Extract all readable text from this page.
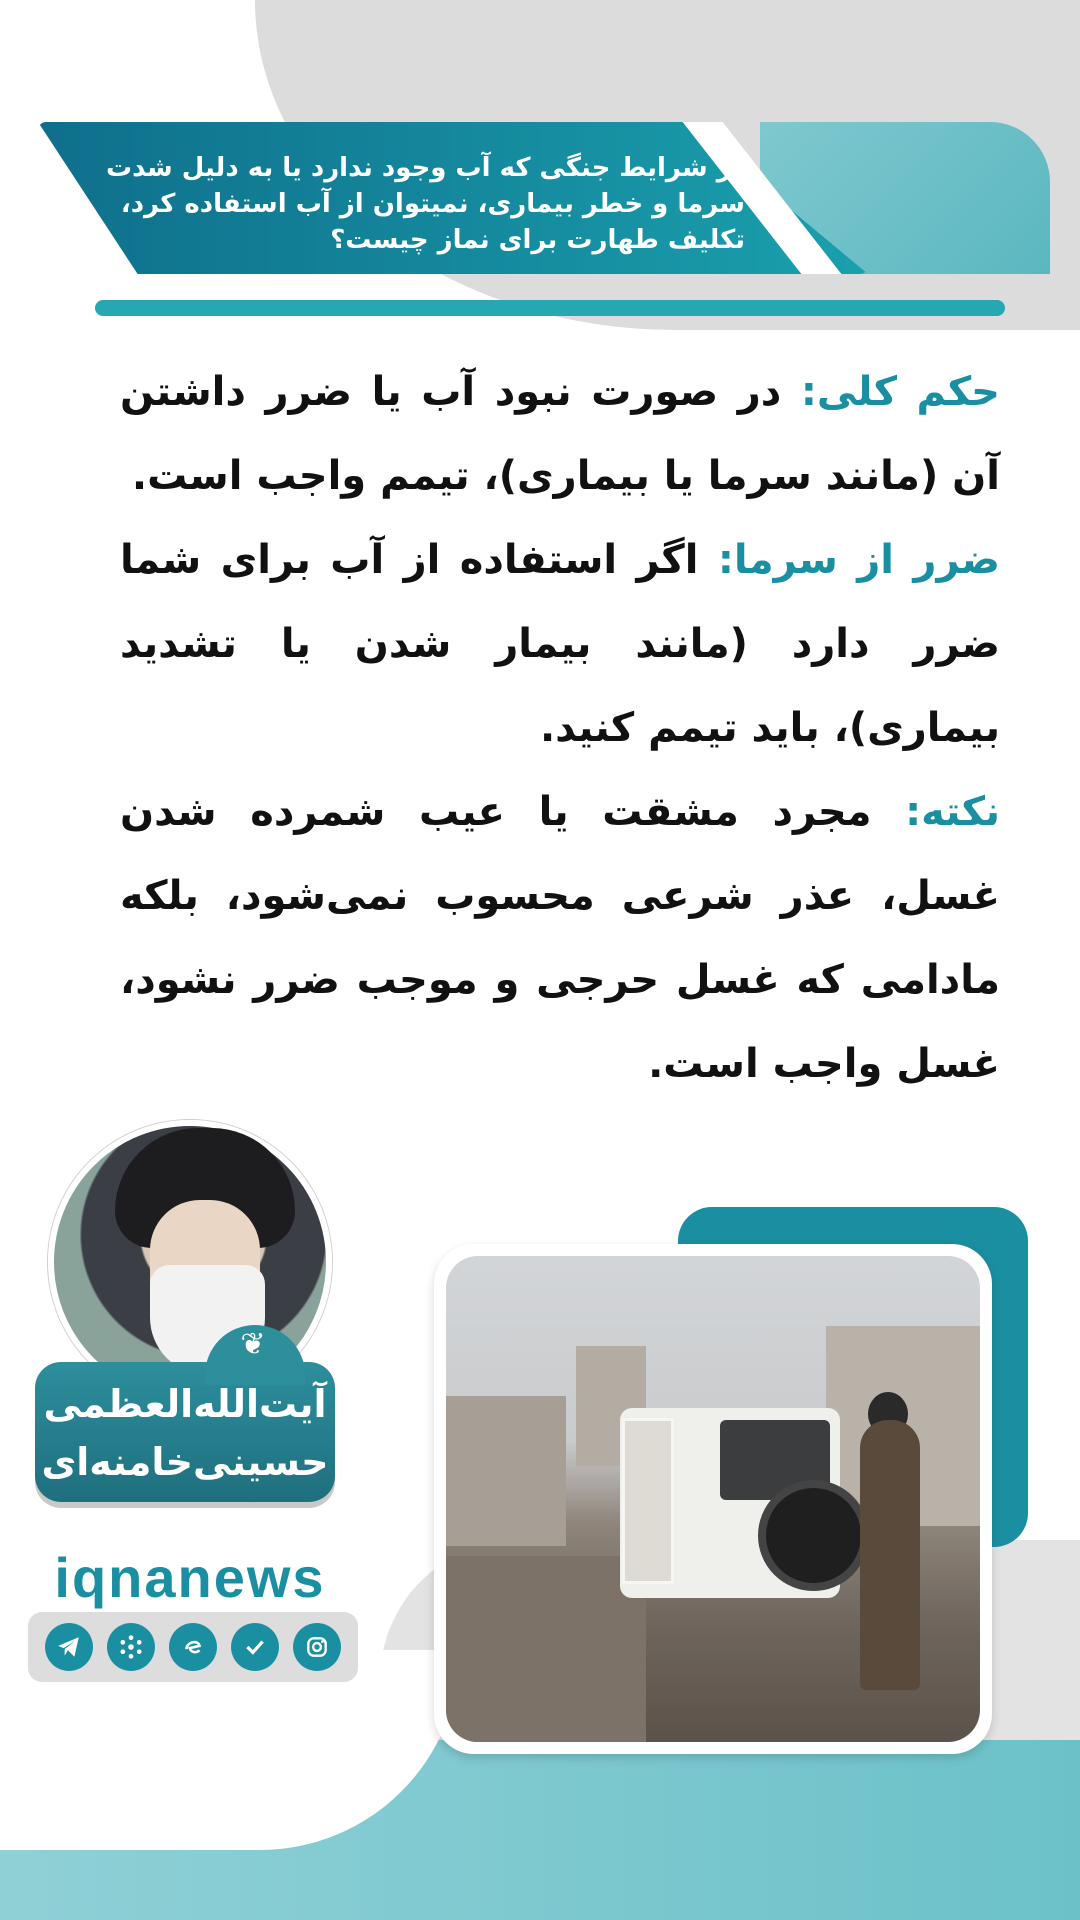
در شرایط جنگی که آب وجود ندارد یا به دلیل شدت سرما و خطر بیماری، نمیتوان از آب استفاده کرد، تکلیف طهارت برای نماز چیست؟
حکم کلی: در صورت نبود آب یا ضرر داشتن آن (مانند سرما یا بیماری)، تیمم واجب است.
ضرر از سرما: اگر استفاده از آب برای شما ضرر دارد (مانند بیمار شدن یا تشدید بیماری)، باید تیمم کنید.
نکته: مجرد مشقت یا عیب شمرده شدن غسل، عذر شرعی محسوب نمی‌شود، بلکه مادامی که غسل حرجی و موجب ضرر نشود، غسل واجب است.
❦
آیت‌الله‌العظمی
حسینی‌خامنه‌ای
iqnanews
